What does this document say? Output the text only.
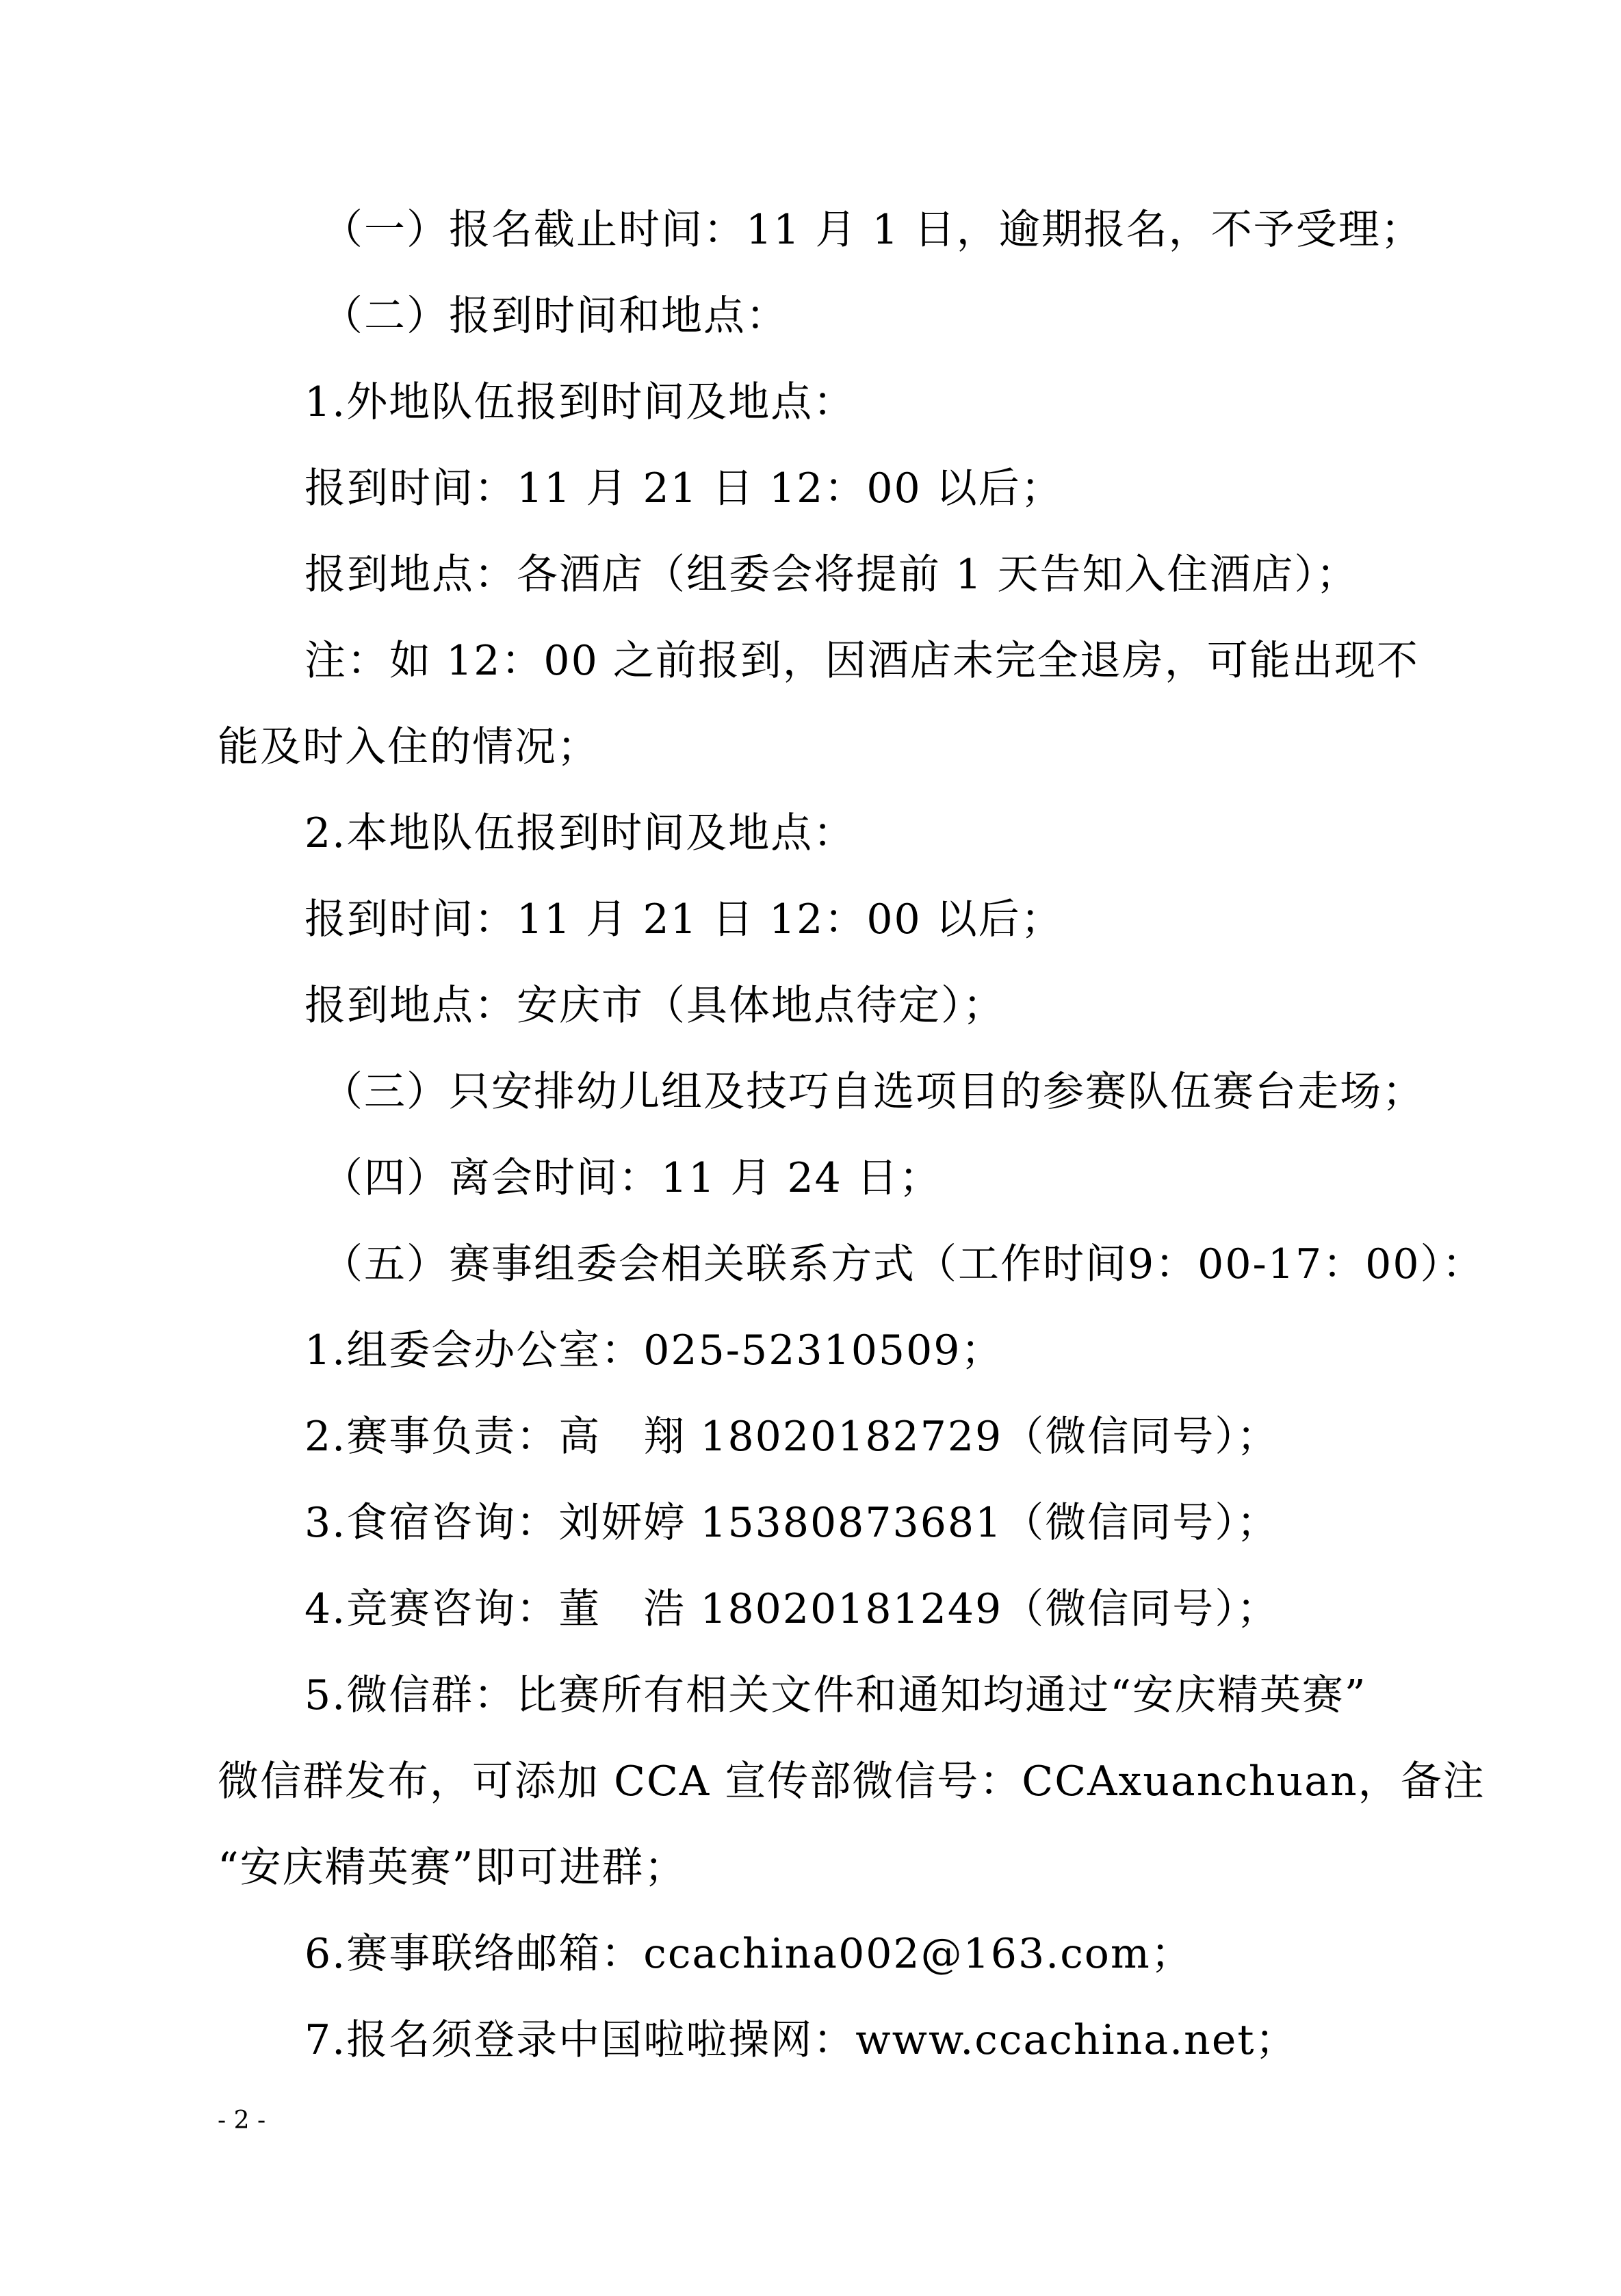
（一）报名截止时间：11 月 1 日，逾期报名，不予受理；
（二）报到时间和地点：
1.外地队伍报到时间及地点：
报到时间：11 月 21 日 12：00 以后；
报到地点：各酒店（组委会将提前 1 天告知入住酒店）；
注：如 12：00 之前报到，因酒店未完全退房，可能出现不
能及时入住的情况；
2.本地队伍报到时间及地点：
报到时间：11 月 21 日 12：00 以后；
报到地点：安庆市（具体地点待定）；
（三）只安排幼儿组及技巧自选项目的参赛队伍赛台走场；
（四）离会时间：11 月 24 日；
（五）赛事组委会相关联系方式（工作时间9：00-17：00）：
1.组委会办公室：025-52310509；
2.赛事负责：高　翔 18020182729（微信同号）；
3.食宿咨询：刘妍婷 15380873681（微信同号）；
4.竞赛咨询：董　浩 18020181249（微信同号）；
5.微信群：比赛所有相关文件和通知均通过“安庆精英赛”
微信群发布，可添加 CCA 宣传部微信号：CCAxuanchuan，备注
“安庆精英赛”即可进群；
6.赛事联络邮箱：ccachina002@163.com；
7.报名须登录中国啦啦操网：www.ccachina.net；
- 2 -
